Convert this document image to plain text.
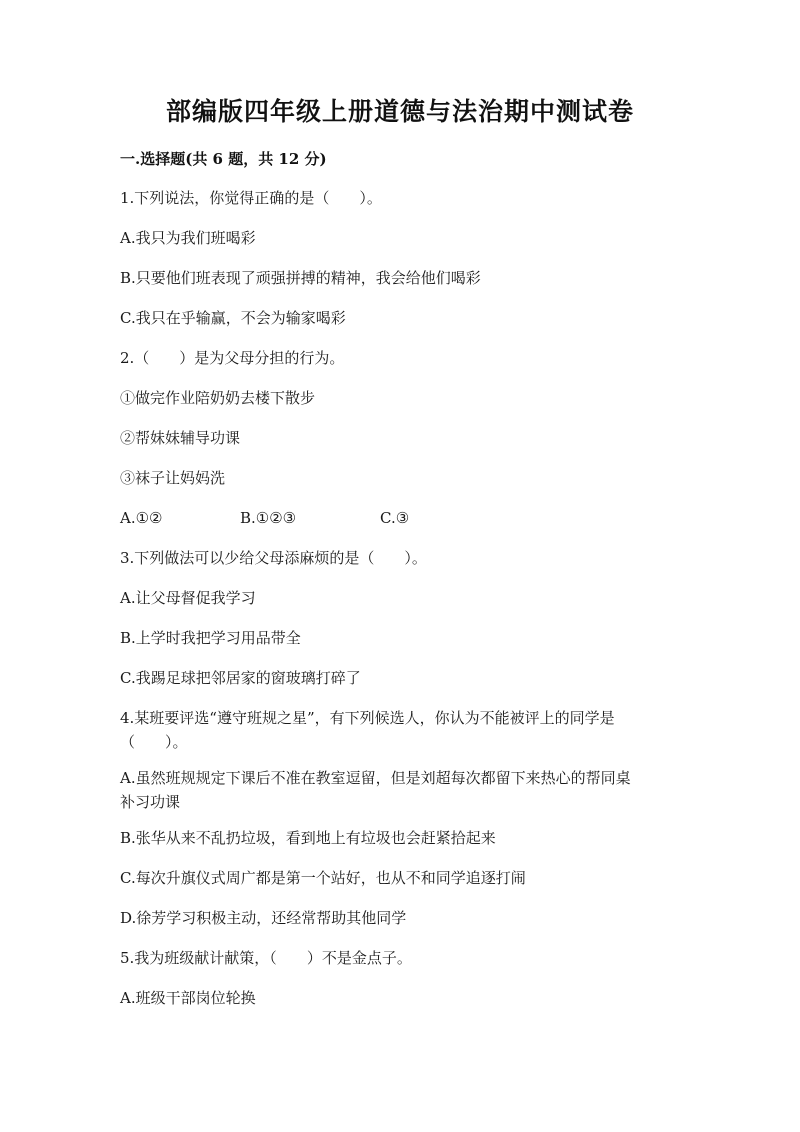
部编版四年级上册道德与法治期中测试卷
一.选择题(共 6 题，共 12 分)
1.下列说法，你觉得正确的是（　　）。
A.我只为我们班喝彩
B.只要他们班表现了顽强拼搏的精神，我会给他们喝彩
C.我只在乎输赢，不会为输家喝彩
2.（　　）是为父母分担的行为。
①做完作业陪奶奶去楼下散步
②帮妹妹辅导功课
③袜子让妈妈洗
A.①②	B.①②③	C.③
3.下列做法可以少给父母添麻烦的是（　　）。
A.让父母督促我学习
B.上学时我把学习用品带全
C.我踢足球把邻居家的窗玻璃打碎了
4.某班要评选“遵守班规之星”，有下列候选人，你认为不能被评上的同学是
（　　）。
A.虽然班规规定下课后不准在教室逗留，但是刘超每次都留下来热心的帮同桌
补习功课
B.张华从来不乱扔垃圾，看到地上有垃圾也会赶紧拾起来
C.每次升旗仪式周广都是第一个站好，也从不和同学追逐打闹
D.徐芳学习积极主动，还经常帮助其他同学
5.我为班级献计献策，（　　）不是金点子。
A.班级干部岗位轮换
